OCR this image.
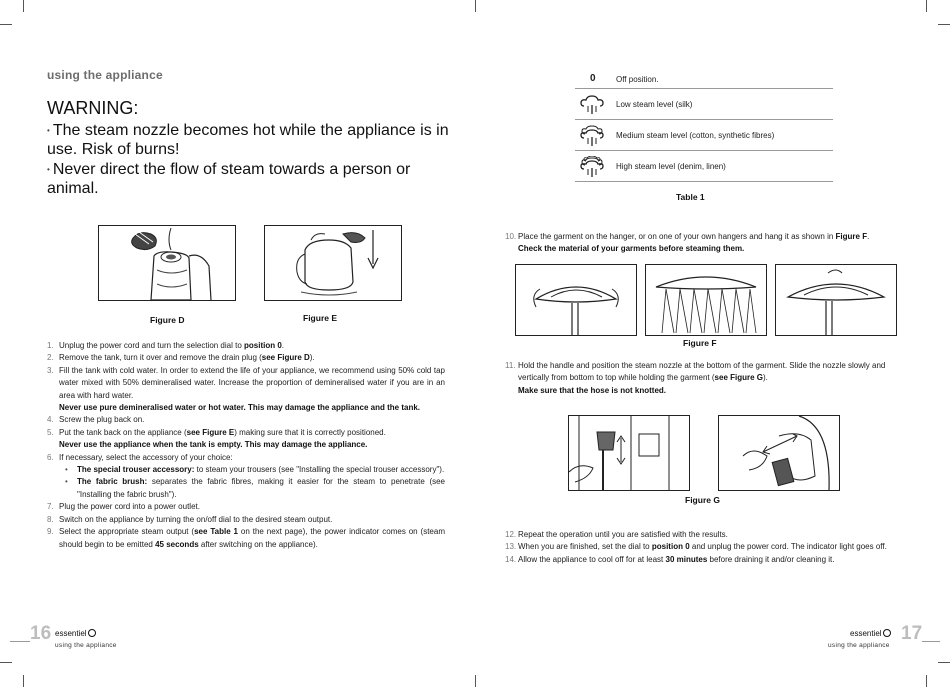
using the appliance
WARNING:
• The steam nozzle becomes hot while the appliance is in use. Risk of burns!
• Never direct the flow of steam towards a person or animal.
Figure D	Figure E
1. Unplug the power cord and turn the selection dial to position 0.
2. Remove the tank, turn it over and remove the drain plug (see Figure D).
3. Fill the tank with cold water. In order to extend the life of your appliance, we recommend using 50% cold tap water mixed with 50% demineralised water. Increase the proportion of demineralised water if you are in an area with hard water.
Never use pure demineralised water or hot water. This may damage the appliance and the tank.
4. Screw the plug back on.
5. Put the tank back on the appliance (see Figure E) making sure that it is correctly positioned.
Never use the appliance when the tank is empty. This may damage the appliance.
6. If necessary, select the accessory of your choice:
• The special trouser accessory: to steam your trousers (see "Installing the special trouser accessory").
• The fabric brush: separates the fabric fibres, making it easier for the steam to penetrate (see "Installing the fabric brush").
7. Plug the power cord into a power outlet.
8. Switch on the appliance by turning the on/off dial to the desired steam output.
9. Select the appropriate steam output (see Table 1 on the next page), the power indicator comes on (steam should begin to be emitted 45 seconds after switching on the appliance).
16 essentiel
using the appliance
0	Off position.
Low steam level (silk)
Medium steam level (cotton, synthetic fibres)
High steam level (denim, linen)
Table 1
10. Place the garment on the hanger, or on one of your own hangers and hang it as shown in Figure F.
Check the material of your garments before steaming them.
Figure F
11. Hold the handle and position the steam nozzle at the bottom of the garment. Slide the nozzle slowly and vertically from bottom to top while holding the garment (see Figure G).
Make sure that the hose is not knotted.
Figure G
12. Repeat the operation until you are satisfied with the results.
13. When you are finished, set the dial to position 0 and unplug the power cord. The indicator light goes off.
14. Allow the appliance to cool off for at least 30 minutes before draining it and/or cleaning it.
essentiel	17
using the appliance
